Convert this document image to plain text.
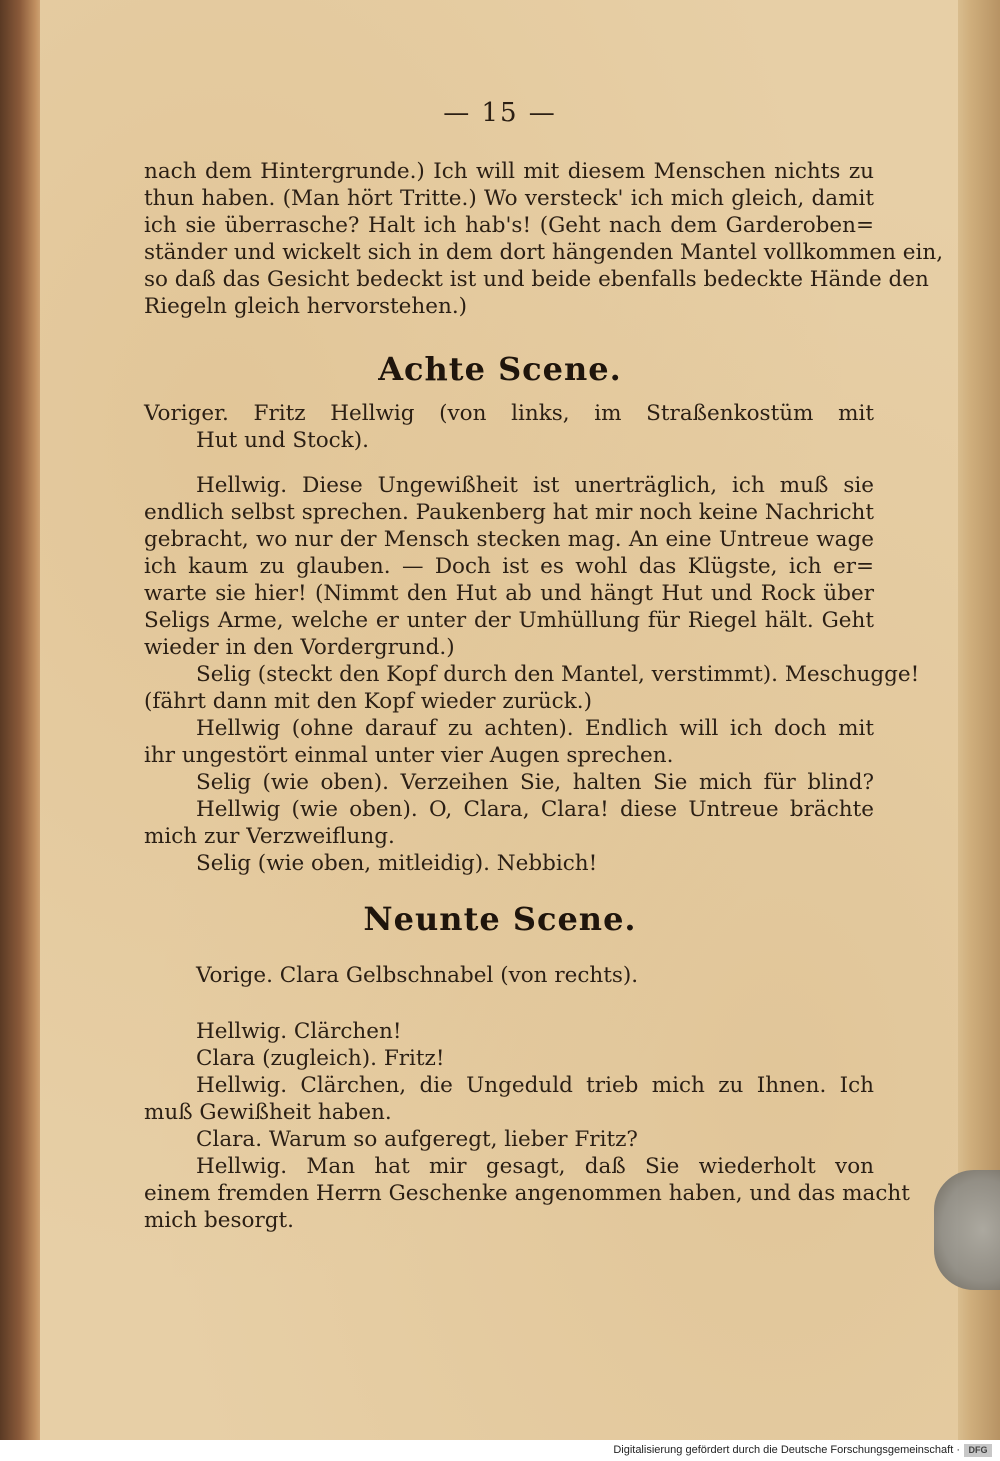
— 15 —
nach dem Hintergrunde.) Ich will mit diesem Menschen nichts zu
thun haben. (Man hört Tritte.) Wo versteck' ich mich gleich, damit
ich sie überrasche? Halt ich hab's! (Geht nach dem Garderoben=
ständer und wickelt sich in dem dort hängenden Mantel vollkommen ein,
so daß das Gesicht bedeckt ist und beide ebenfalls bedeckte Hände den
Riegeln gleich hervorstehen.)
Achte Scene.
Voriger. Fritz Hellwig (von links, im Straßenkostüm mit
Hut und Stock).
Hellwig. Diese Ungewißheit ist unerträglich, ich muß sie
endlich selbst sprechen. Paukenberg hat mir noch keine Nachricht
gebracht, wo nur der Mensch stecken mag. An eine Untreue wage
ich kaum zu glauben. — Doch ist es wohl das Klügste, ich er=
warte sie hier! (Nimmt den Hut ab und hängt Hut und Rock über
Seligs Arme, welche er unter der Umhüllung für Riegel hält. Geht
wieder in den Vordergrund.)
Selig (steckt den Kopf durch den Mantel, verstimmt). Meschugge!
(fährt dann mit den Kopf wieder zurück.)
Hellwig (ohne darauf zu achten). Endlich will ich doch mit
ihr ungestört einmal unter vier Augen sprechen.
Selig (wie oben). Verzeihen Sie, halten Sie mich für blind?
Hellwig (wie oben). O, Clara, Clara! diese Untreue brächte
mich zur Verzweiflung.
Selig (wie oben, mitleidig). Nebbich!
Neunte Scene.
Vorige. Clara Gelbschnabel (von rechts).
Hellwig. Clärchen!
Clara (zugleich). Fritz!
Hellwig. Clärchen, die Ungeduld trieb mich zu Ihnen. Ich
muß Gewißheit haben.
Clara. Warum so aufgeregt, lieber Fritz?
Hellwig. Man hat mir gesagt, daß Sie wiederholt von
einem fremden Herrn Geschenke angenommen haben, und das macht
mich besorgt.
Digitalisierung gefördert durch die Deutsche Forschungsgemeinschaft · DFG
